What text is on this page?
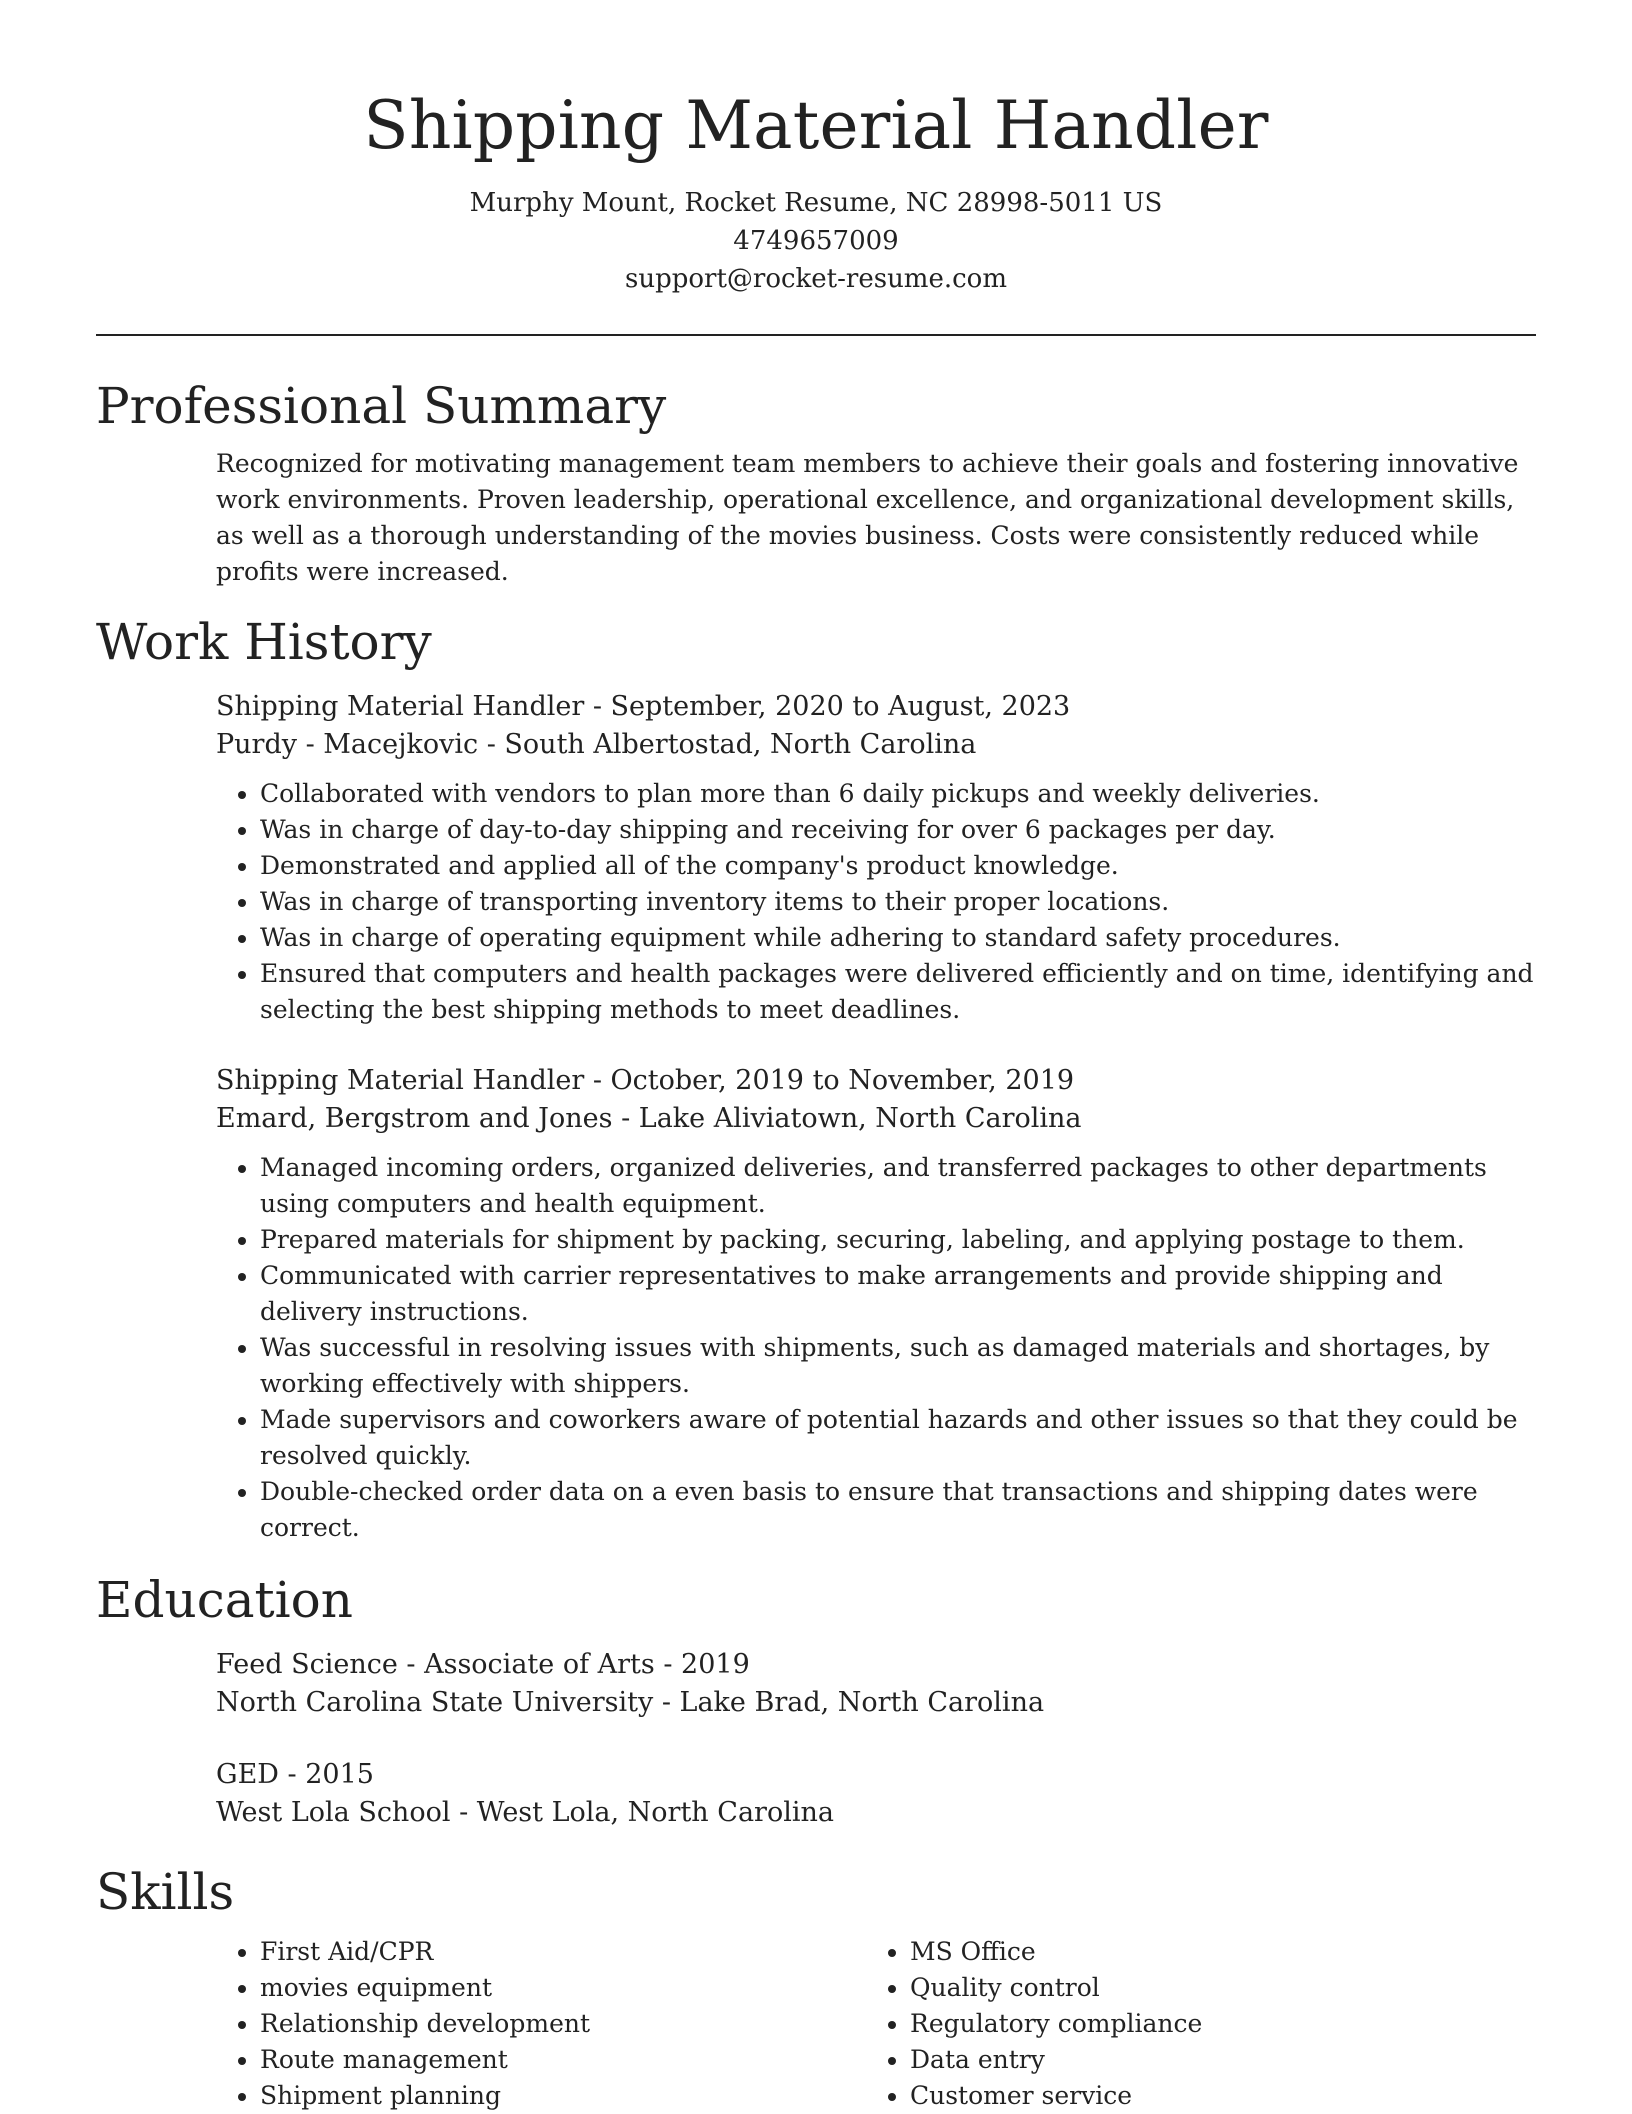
Shipping Material Handler
Murphy Mount, Rocket Resume, NC 28998-5011 US
4749657009
support@rocket-resume.com
Professional Summary

Recognized for motivating management team members to achieve their goals and fostering innovative work environments. Proven leadership, operational excellence, and organizational development skills, as well as a thorough understanding of the movies business. Costs were consistently reduced while profits were increased.

Work History
Shipping Material Handler - September, 2020 to August, 2023
Purdy - Macejkovic - South Albertostad, North Carolina
• Collaborated with vendors to plan more than 6 daily pickups and weekly deliveries.
• Was in charge of day-to-day shipping and receiving for over 6 packages per day.
• Demonstrated and applied all of the company's product knowledge.
• Was in charge of transporting inventory items to their proper locations.
• Was in charge of operating equipment while adhering to standard safety procedures.
• Ensured that computers and health packages were delivered efficiently and on time, identifying and selecting the best shipping methods to meet deadlines.
Shipping Material Handler - October, 2019 to November, 2019
Emard, Bergstrom and Jones - Lake Aliviatown, North Carolina
• Managed incoming orders, organized deliveries, and transferred packages to other departments using computers and health equipment.
• Prepared materials for shipment by packing, securing, labeling, and applying postage to them.
• Communicated with carrier representatives to make arrangements and provide shipping and delivery instructions.
• Was successful in resolving issues with shipments, such as damaged materials and shortages, by working effectively with shippers.
• Made supervisors and coworkers aware of potential hazards and other issues so that they could be resolved quickly.
• Double-checked order data on a even basis to ensure that transactions and shipping dates were correct.
Education
Feed Science - Associate of Arts - 2019
North Carolina State University - Lake Brad, North Carolina
GED - 2015
West Lola School - West Lola, North Carolina
Skills
• First Aid/CPR
• movies equipment
• Relationship development
• Route management
• Shipment planning
• MS Office
• Quality control
• Regulatory compliance
• Data entry
• Customer service
